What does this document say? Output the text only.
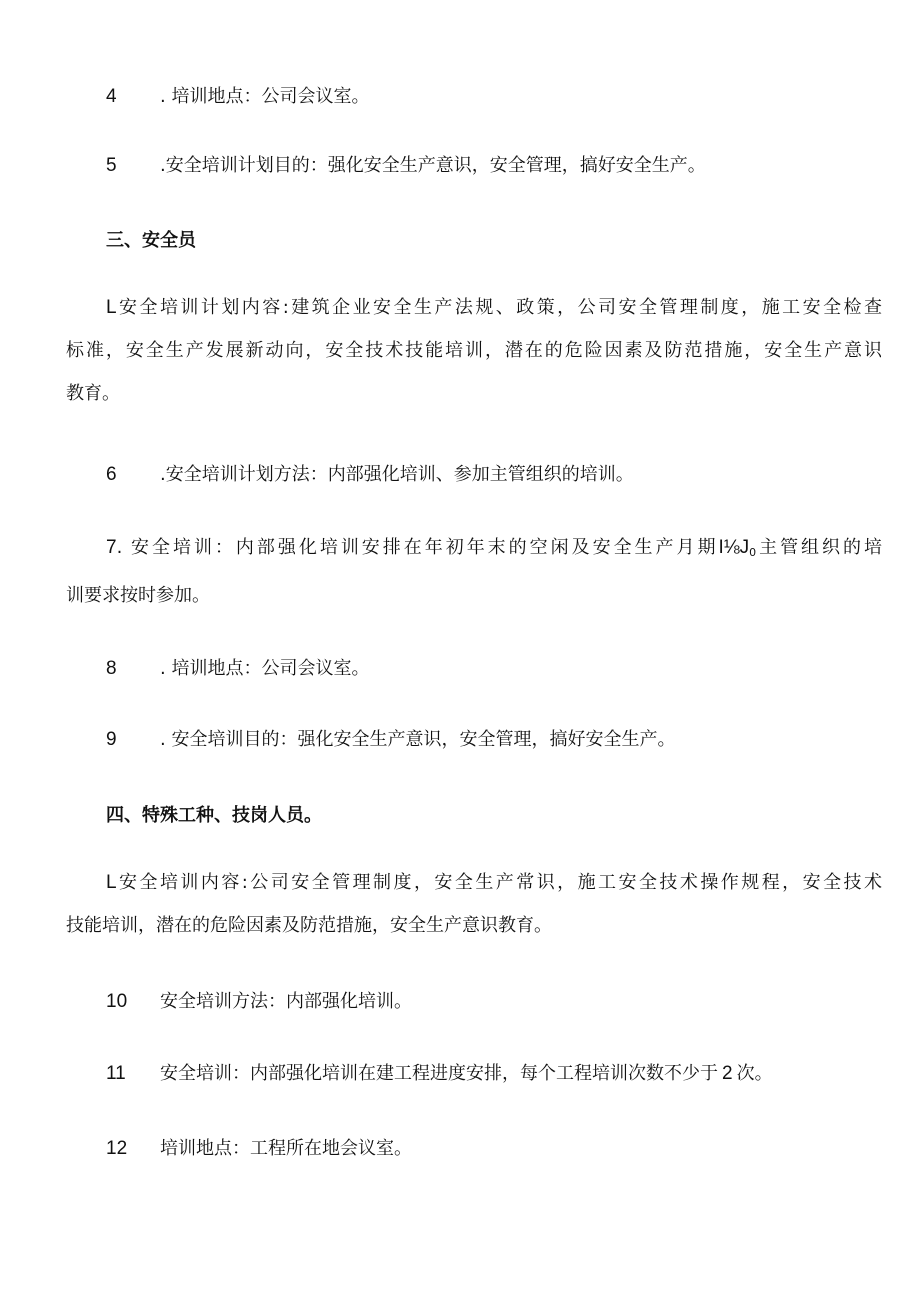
4 . 培训地点：公司会议室。
5 .安全培训计划目的：强化安全生产意识，安全管理，搞好安全生产。
三、安全员
L安全培训计划内容:建筑企业安全生产法规、政策，公司安全管理制度，施工安全检查
标准，安全生产发展新动向，安全技术技能培训，潜在的危险因素及防范措施，安全生产意识
教育。
6 .安全培训计划方法：内部强化培训、参加主管组织的培训。
7. 安全培训：内部强化培训安排在年初年末的空闲及安全生产月期$I\frac{1}{8}J_0$主管组织的培
训要求按时参加。
8 . 培训地点：公司会议室。
9 . 安全培训目的：强化安全生产意识，安全管理，搞好安全生产。
四、特殊工种、技岗人员。
L安全培训内容:公司安全管理制度，安全生产常识，施工安全技术操作规程，安全技术
技能培训，潜在的危险因素及防范措施，安全生产意识教育。
10 安全培训方法：内部强化培训。
11 安全培训：内部强化培训在建工程进度安排，每个工程培训次数不少于 2 次。
12 培训地点：工程所在地会议室。
